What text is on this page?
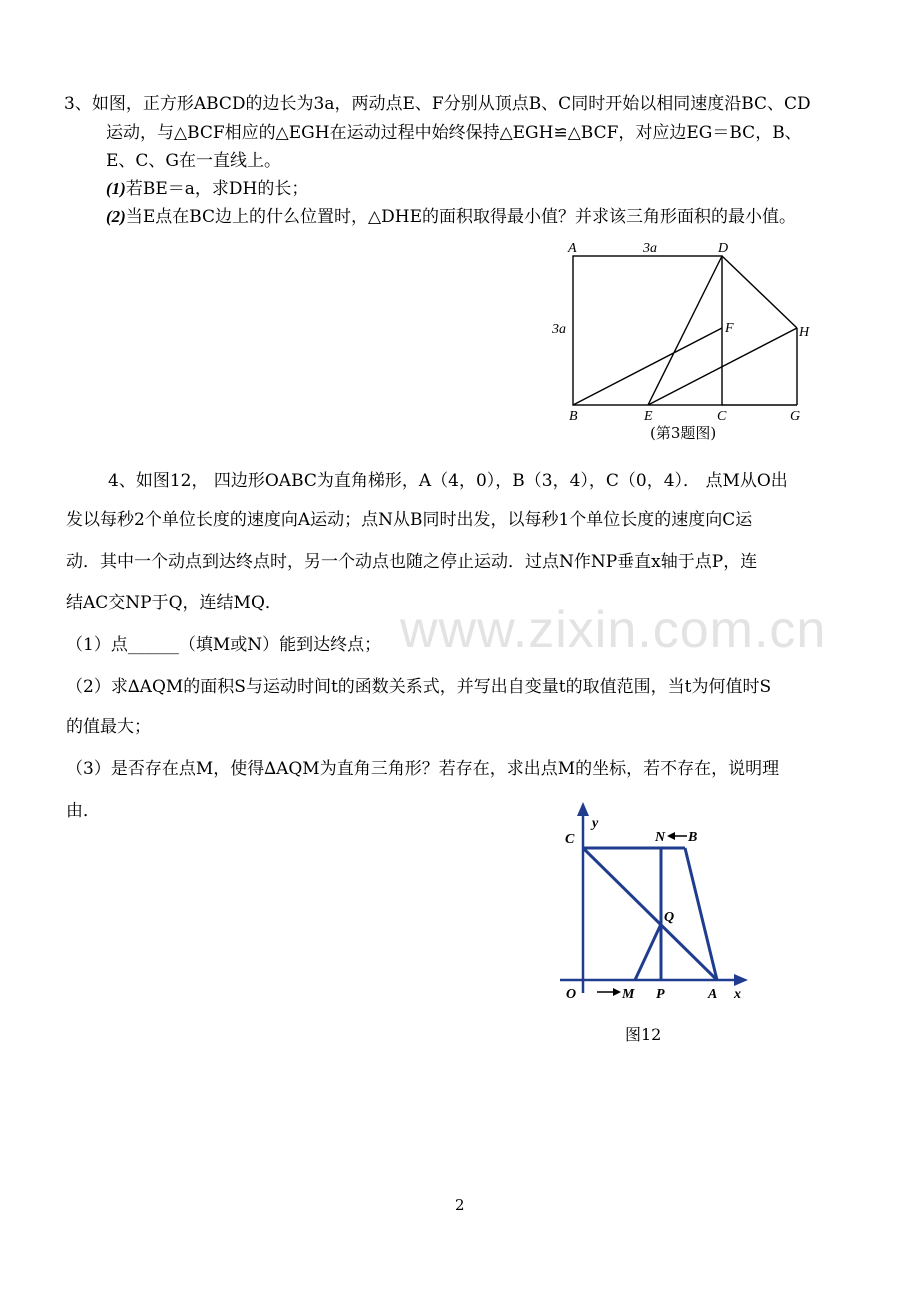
www.zixin.com.cn
3、如图，正方形ABCD的边长为3a，两动点E、F分别从顶点B、C同时开始以相同速度沿BC、CD
运动，与△BCF相应的△EGH在运动过程中始终保持△EGH≌△BCF，对应边EG＝BC，B、
E、C、G在一直线上。
(1)若BE＝a，求DH的长；
(2)当E点在BC边上的什么位置时，△DHE的面积取得最小值？并求该三角形面积的最小值。
A	3a	D
3a	F	H
B	E	C	G
(第3题图)
4、如图12， 四边形OABC为直角梯形，A（4，0），B（3，4），C（0，4）． 点M从O出
发以每秒2个单位长度的速度向A运动；点N从B同时出发，以每秒1个单位长度的速度向C运
动．其中一个动点到达终点时，另一个动点也随之停止运动．过点N作NP垂直x轴于点P，连
结AC交NP于Q，连结MQ．
（1）点______（填M或N）能到达终点；
（2）求∆AQM的面积S与运动时间t的函数关系式，并写出自变量t的取值范围，当t为何值时S
的值最大；
（3）是否存在点M，使得∆AQM为直角三角形？若存在，求出点M的坐标，若不存在，说明理
由．
y
C	N B
Q
O	M P	A x
图12
2
